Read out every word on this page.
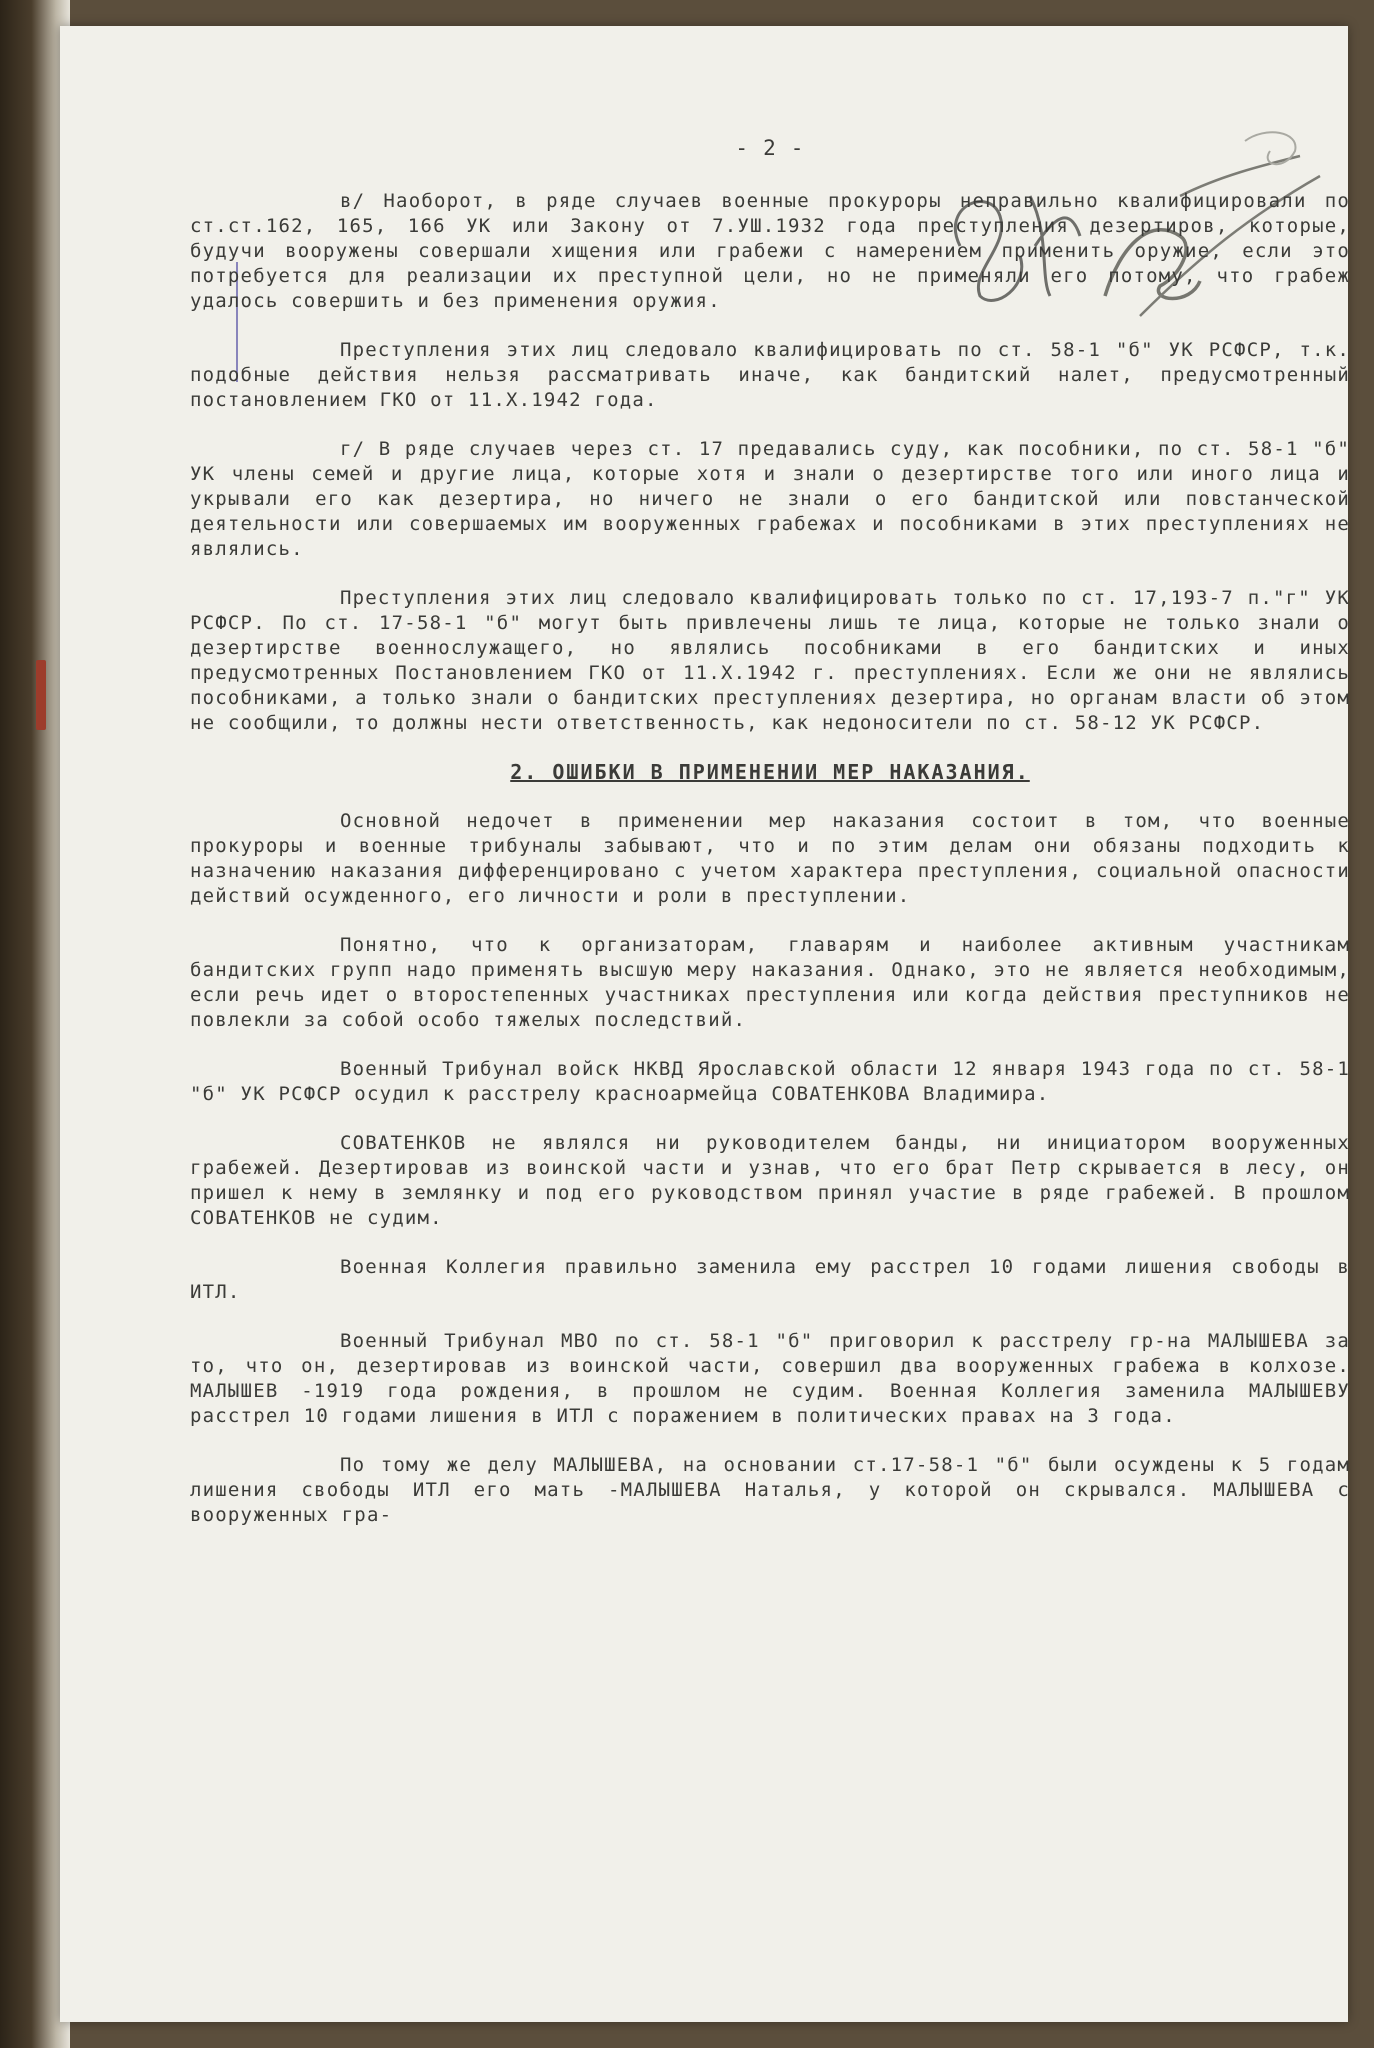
- 2 -

в/ Наоборот, в ряде случаев военные прокуроры неправильно квалифицировали по ст.ст.162, 165, 166 УК или Закону от 7.УШ.1932 года преступления дезертиров, которые, будучи вооружены совершали хищения или грабежи с намерением применить оружие, если это потребуется для реализации их преступной цели, но не применяли его потому, что грабеж удалось совершить и без применения оружия.

Преступления этих лиц следовало квалифицировать по ст. 58-1 "б" УК РСФСР, т.к. подобные действия нельзя рассматривать иначе, как бандитский налет, предусмотренный постановлением ГКО от 11.Х.1942 года.

г/ В ряде случаев через ст. 17 предавались суду, как пособники, по ст. 58-1 "б" УК члены семей и другие лица, которые хотя и знали о дезертирстве того или иного лица и укрывали его как дезертира, но ничего не знали о его бандитской или повстанческой деятельности или совершаемых им вооруженных грабежах и пособниками в этих преступлениях не являлись.

Преступления этих лиц следовало квалифицировать только по ст. 17,193-7 п."г" УК РСФСР. По ст. 17-58-1 "б" могут быть привлечены лишь те лица, которые не только знали о дезертирстве военнослужащего, но являлись пособниками в его бандитских и иных предусмотренных Постановлением ГКО от 11.Х.1942 г. преступлениях. Если же они не являлись пособниками, а только знали о бандитских преступлениях дезертира, но органам власти об этом не сообщили, то должны нести ответственность, как недоносители по ст. 58-12 УК РСФСР.

2. ОШИБКИ В ПРИМЕНЕНИИ МЕР НАКАЗАНИЯ.

Основной недочет в применении мер наказания состоит в том, что военные прокуроры и военные трибуналы забывают, что и по этим делам они обязаны подходить к назначению наказания дифференцировано с учетом характера преступления, социальной опасности действий осужденного, его личности и роли в преступлении.

Понятно, что к организаторам, главарям и наиболее активным участникам бандитских групп надо применять высшую меру наказания. Однако, это не является необходимым, если речь идет о второстепенных участниках преступления или когда действия преступников не повлекли за собой особо тяжелых последствий.

Военный Трибунал войск НКВД Ярославской области 12 января 1943 года по ст. 58-1 "б" УК РСФСР осудил к расстрелу красноармейца СОВАТЕНКОВА Владимира.

СОВАТЕНКОВ не являлся ни руководителем банды, ни инициатором вооруженных грабежей. Дезертировав из воинской части и узнав, что его брат Петр скрывается в лесу, он пришел к нему в землянку и под его руководством принял участие в ряде грабежей. В прошлом СОВАТЕНКОВ не судим.

Военная Коллегия правильно заменила ему расстрел 10 годами лишения свободы в ИТЛ.

Военный Трибунал МВО по ст. 58-1 "б" приговорил к расстрелу гр-на МАЛЫШЕВА за то, что он, дезертировав из воинской части, совершил два вооруженных грабежа в колхозе. МАЛЫШЕВ -1919 года рождения, в прошлом не судим. Военная Коллегия заменила МАЛЫШЕВУ расстрел 10 годами лишения в ИТЛ с поражением в политических правах на 3 года.

По тому же делу МАЛЫШЕВА, на основании ст.17-58-1 "б" были осуждены к 5 годам лишения свободы ИТЛ его мать -МАЛЫШЕВА Наталья, у которой он скрывался. МАЛЫШЕВА с вооруженных гра-
